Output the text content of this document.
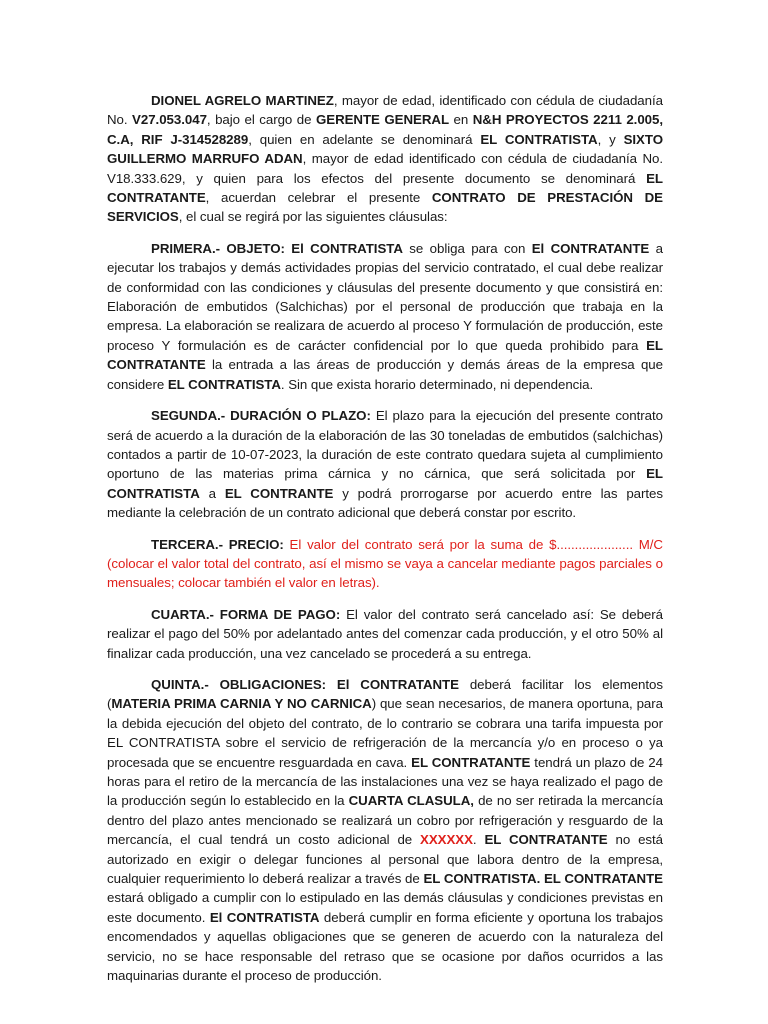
DIONEL AGRELO MARTINEZ, mayor de edad, identificado con cédula de ciudadanía No. V27.053.047, bajo el cargo de GERENTE GENERAL en N&H PROYECTOS 2211 2.005, C.A, RIF J-314528289, quien en adelante se denominará EL CONTRATISTA, y SIXTO GUILLERMO MARRUFO ADAN, mayor de edad identificado con cédula de ciudadanía No. V18.333.629, y quien para los efectos del presente documento se denominará EL CONTRATANTE, acuerdan celebrar el presente CONTRATO DE PRESTACIÓN DE SERVICIOS, el cual se regirá por las siguientes cláusulas:

PRIMERA.- OBJETO: El CONTRATISTA se obliga para con El CONTRATANTE a ejecutar los trabajos y demás actividades propias del servicio contratado, el cual debe realizar de conformidad con las condiciones y cláusulas del presente documento y que consistirá en: Elaboración de embutidos (Salchichas) por el personal de producción que trabaja en la empresa. La elaboración se realizara de acuerdo al proceso Y formulación de producción, este proceso Y formulación es de carácter confidencial por lo que queda prohibido para EL CONTRATANTE la entrada a las áreas de producción y demás áreas de la empresa que considere EL CONTRATISTA. Sin que exista horario determinado, ni dependencia.

SEGUNDA.- DURACIÓN O PLAZO: El plazo para la ejecución del presente contrato será de acuerdo a la duración de la elaboración de las 30 toneladas de embutidos (salchichas) contados a partir de 10-07-2023, la duración de este contrato quedara sujeta al cumplimiento oportuno de las materias prima cárnica y no cárnica, que será solicitada por EL CONTRATISTA a EL CONTRANTE y podrá prorrogarse por acuerdo entre las partes mediante la celebración de un contrato adicional que deberá constar por escrito.

TERCERA.- PRECIO: El valor del contrato será por la suma de $..................... M/C (colocar el valor total del contrato, así el mismo se vaya a cancelar mediante pagos parciales o mensuales; colocar también el valor en letras).

CUARTA.- FORMA DE PAGO: El valor del contrato será cancelado así: Se deberá realizar el pago del 50% por adelantado antes del comenzar cada producción, y el otro 50% al finalizar cada producción, una vez cancelado se procederá a su entrega.

QUINTA.- OBLIGACIONES: El CONTRATANTE deberá facilitar los elementos (MATERIA PRIMA CARNIA Y NO CARNICA) que sean necesarios, de manera oportuna, para la debida ejecución del objeto del contrato, de lo contrario se cobrara una tarifa impuesta por EL CONTRATISTA sobre el servicio de refrigeración de la mercancía y/o en proceso o ya procesada que se encuentre resguardada en cava. EL CONTRATANTE tendrá un plazo de 24 horas para el retiro de la mercancía de las instalaciones una vez se haya realizado el pago de la producción según lo establecido en la CUARTA CLASULA, de no ser retirada la mercancía dentro del plazo antes mencionado se realizará un cobro por refrigeración y resguardo de la mercancía, el cual tendrá un costo adicional de XXXXXX. EL CONTRATANTE no está autorizado en exigir o delegar funciones al personal que labora dentro de la empresa, cualquier requerimiento lo deberá realizar a través de EL CONTRATISTA. EL CONTRATANTE estará obligado a cumplir con lo estipulado en las demás cláusulas y condiciones previstas en este documento. El CONTRATISTA deberá cumplir en forma eficiente y oportuna los trabajos encomendados y aquellas obligaciones que se generen de acuerdo con la naturaleza del servicio, no se hace responsable del retraso que se ocasione por daños ocurridos a las maquinarias durante el proceso de producción.
